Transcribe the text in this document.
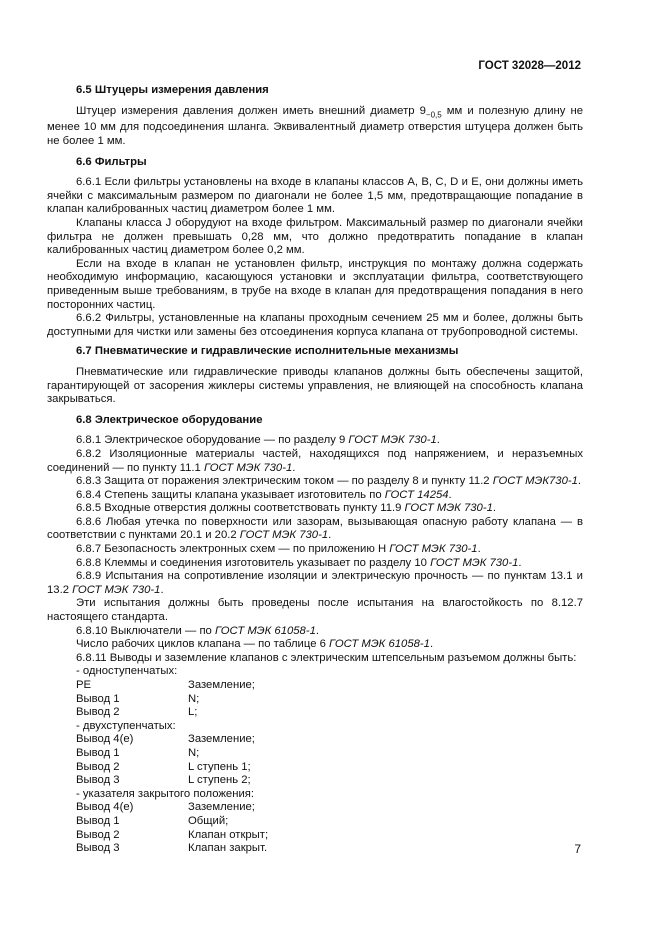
ГОСТ 32028—2012

6.5 Штуцеры измерения давления

Штуцер измерения давления должен иметь внешний диаметр $9_{-0,5}$ мм и полезную длину не менее 10 мм для подсоединения шланга. Эквивалентный диаметр отверстия штуцера должен быть не более 1 мм.

6.6 Фильтры

6.6.1 Если фильтры установлены на входе в клапаны классов А, В, С, D и Е, они должны иметь ячейки с максимальным размером по диагонали не более 1,5 мм, предотвращающие попадание в клапан калиброванных частиц диаметром более 1 мм.

Клапаны класса J оборудуют на входе фильтром. Максимальный размер по диагонали ячейки фильтра не должен превышать 0,28 мм, что должно предотвратить попадание в клапан калиброванных частиц диаметром более 0,2 мм.

Если на входе в клапан не установлен фильтр, инструкция по монтажу должна содержать необходимую информацию, касающуюся установки и эксплуатации фильтра, соответствующего приведенным выше требованиям, в трубе на входе в клапан для предотвращения попадания в него посторонних частиц.

6.6.2 Фильтры, установленные на клапаны проходным сечением 25 мм и более, должны быть доступными для чистки или замены без отсоединения корпуса клапана от трубопроводной системы.

6.7 Пневматические и гидравлические исполнительные механизмы

Пневматические или гидравлические приводы клапанов должны быть обеспечены защитой, гарантирующей от засорения жиклеры системы управления, не влияющей на способность клапана закрываться.

6.8 Электрическое оборудование

6.8.1 Электрическое оборудование — по разделу 9 ГОСТ МЭК 730-1.

6.8.2 Изоляционные материалы частей, находящихся под напряжением, и неразъемных соединений — по пункту 11.1 ГОСТ МЭК 730-1.

6.8.3 Защита от поражения электрическим током — по разделу 8 и пункту 11.2 ГОСТ МЭК730-1.

6.8.4 Степень защиты клапана указывает изготовитель по ГОСТ 14254.

6.8.5 Входные отверстия должны соответствовать пункту 11.9 ГОСТ МЭК 730-1.

6.8.6 Любая утечка по поверхности или зазорам, вызывающая опасную работу клапана — в соответствии с пунктами 20.1 и 20.2 ГОСТ МЭК 730-1.

6.8.7 Безопасность электронных схем — по приложению Н ГОСТ МЭК 730-1.

6.8.8 Клеммы и соединения изготовитель указывает по разделу 10 ГОСТ МЭК 730-1.

6.8.9 Испытания на сопротивление изоляции и электрическую прочность — по пунктам 13.1 и 13.2 ГОСТ МЭК 730-1.

Эти испытания должны быть проведены после испытания на влагостойкость по 8.12.7 настоящего стандарта.

6.8.10 Выключатели — по ГОСТ МЭК 61058-1.

Число рабочих циклов клапана — по таблице 6 ГОСТ МЭК 61058-1.

6.8.11 Выводы и заземление клапанов с электрическим штепсельным разъемом должны быть:

- одноступенчатых:
PE	Заземление;
Вывод 1	N;
Вывод 2	L;
- двухступенчатых:
Вывод 4(е)	Заземление;
Вывод 1	N;
Вывод 2	L ступень 1;
Вывод 3	L ступень 2;
- указателя закрытого положения:
Вывод 4(е)	Заземление;
Вывод 1	Общий;
Вывод 2	Клапан открыт;
Вывод 3	Клапан закрыт.	7
